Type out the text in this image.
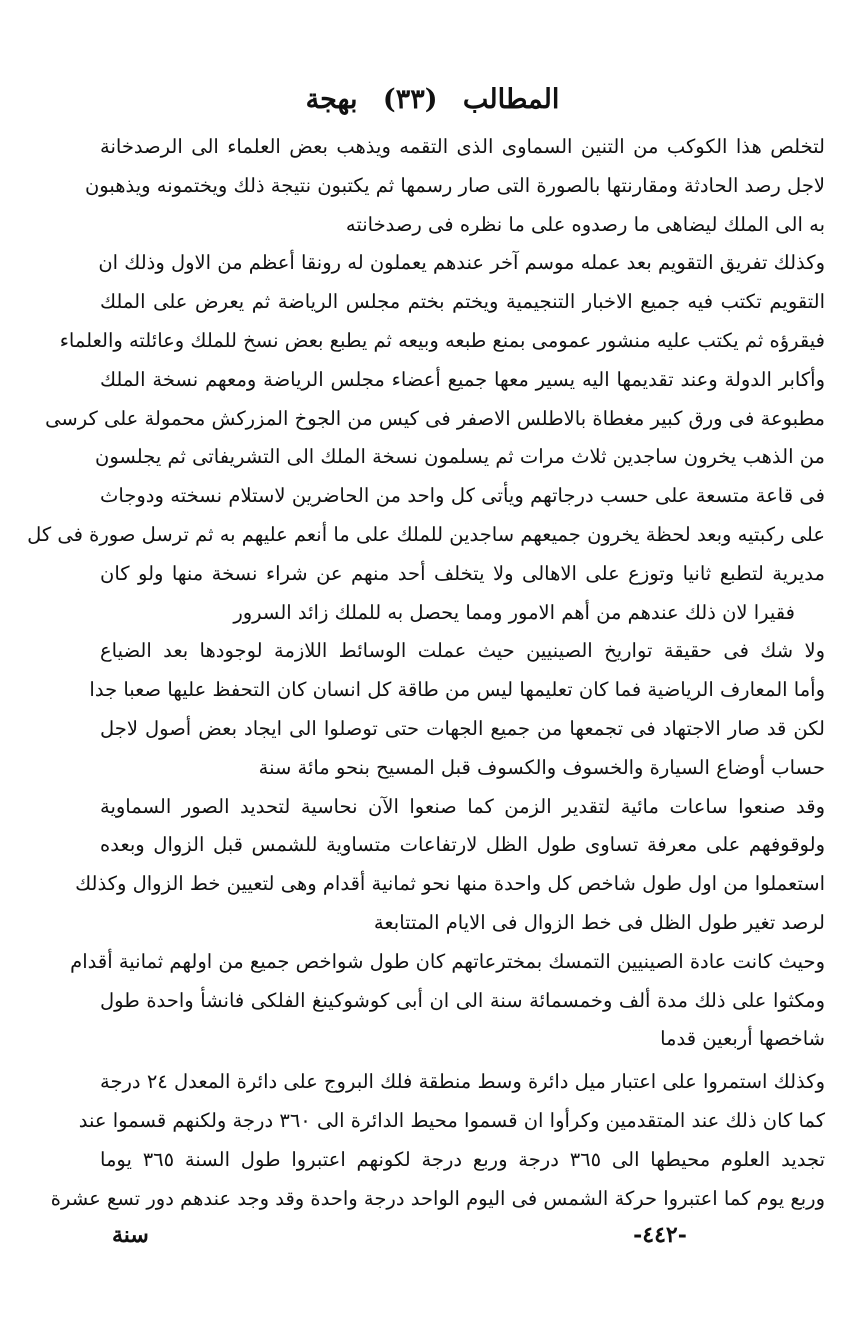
المطالب (٣٣) بهجة
لتخلص هذا الكوكب من التنين السماوى الذى التقمه ويذهب بعض العلماء الى الرصدخانة
لاجل رصد الحادثة ومقارنتها بالصورة التى صار رسمها ثم يكتبون نتيجة ذلك ويختمونه ويذهبون
به الى الملك ليضاهى ما رصدوه على ما نظره فى رصدخانته
وكذلك تفريق التقويم بعد عمله موسم آخر عندهم يعملون له رونقا أعظم من الاول وذلك ان
التقويم تكتب فيه جميع الاخبار التنجيمية ويختم بختم مجلس الرياضة ثم يعرض على الملك
فيقرؤه ثم يكتب عليه منشور عمومى بمنع طبعه وبيعه ثم يطبع بعض نسخ للملك وعائلته والعلماء
وأكابر الدولة وعند تقديمها اليه يسير معها جميع أعضاء مجلس الرياضة ومعهم نسخة الملك
مطبوعة فى ورق كبير مغطاة بالاطلس الاصفر فى كيس من الجوخ المزركش محمولة على كرسى
من الذهب يخرون ساجدين ثلاث مرات ثم يسلمون نسخة الملك الى التشريفاتى ثم يجلسون
فى قاعة متسعة على حسب درجاتهم ويأتى كل واحد من الحاضرين لاستلام نسخته ودوجاث
على ركبتيه وبعد لحظة يخرون جميعهم ساجدين للملك على ما أنعم عليهم به ثم ترسل صورة فى كل
مديرية لتطبع ثانيا وتوزع على الاهالى ولا يتخلف أحد منهم عن شراء نسخة منها ولو كان
فقيرا لان ذلك عندهم من أهم الامور ومما يحصل به للملك زائد السرور
ولا شك فى حقيقة تواريخ الصينيين حيث عملت الوسائط اللازمة لوجودها بعد الضياع
وأما المعارف الرياضية فما كان تعليمها ليس من طاقة كل انسان كان التحفظ عليها صعبا جدا
لكن قد صار الاجتهاد فى تجمعها من جميع الجهات حتى توصلوا الى ايجاد بعض أصول لاجل
حساب أوضاع السيارة والخسوف والكسوف قبل المسيح بنحو مائة سنة
وقد صنعوا ساعات مائية لتقدير الزمن كما صنعوا الآن نحاسية لتحديد الصور السماوية
ولوقوفهم على معرفة تساوى طول الظل لارتفاعات متساوية للشمس قبل الزوال وبعده
استعملوا من اول طول شاخص كل واحدة منها نحو ثمانية أقدام وهى لتعيين خط الزوال وكذلك
لرصد تغير طول الظل فى خط الزوال فى الايام المتتابعة
وحيث كانت عادة الصينيين التمسك بمخترعاتهم كان طول شواخص جميع من اولهم ثمانية أقدام
ومكثوا على ذلك مدة ألف وخمسمائة سنة الى ان أبى كوشوكينغ الفلكى فانشأ واحدة طول
شاخصها أربعين قدما
وكذلك استمروا على اعتبار ميل دائرة وسط منطقة فلك البروج على دائرة المعدل ٢٤ درجة
كما كان ذلك عند المتقدمين وكرأوا ان قسموا محيط الدائرة الى ٣٦٠ درجة ولكنهم قسموا عند
تجديد العلوم محيطها الى ٣٦٥ درجة وربع درجة لكونهم اعتبروا طول السنة ٣٦٥ يوما
وربع يوم كما اعتبروا حركة الشمس فى اليوم الواحد درجة واحدة وقد وجد عندهم دور تسع عشرة
-٤٤٢-
سنة
